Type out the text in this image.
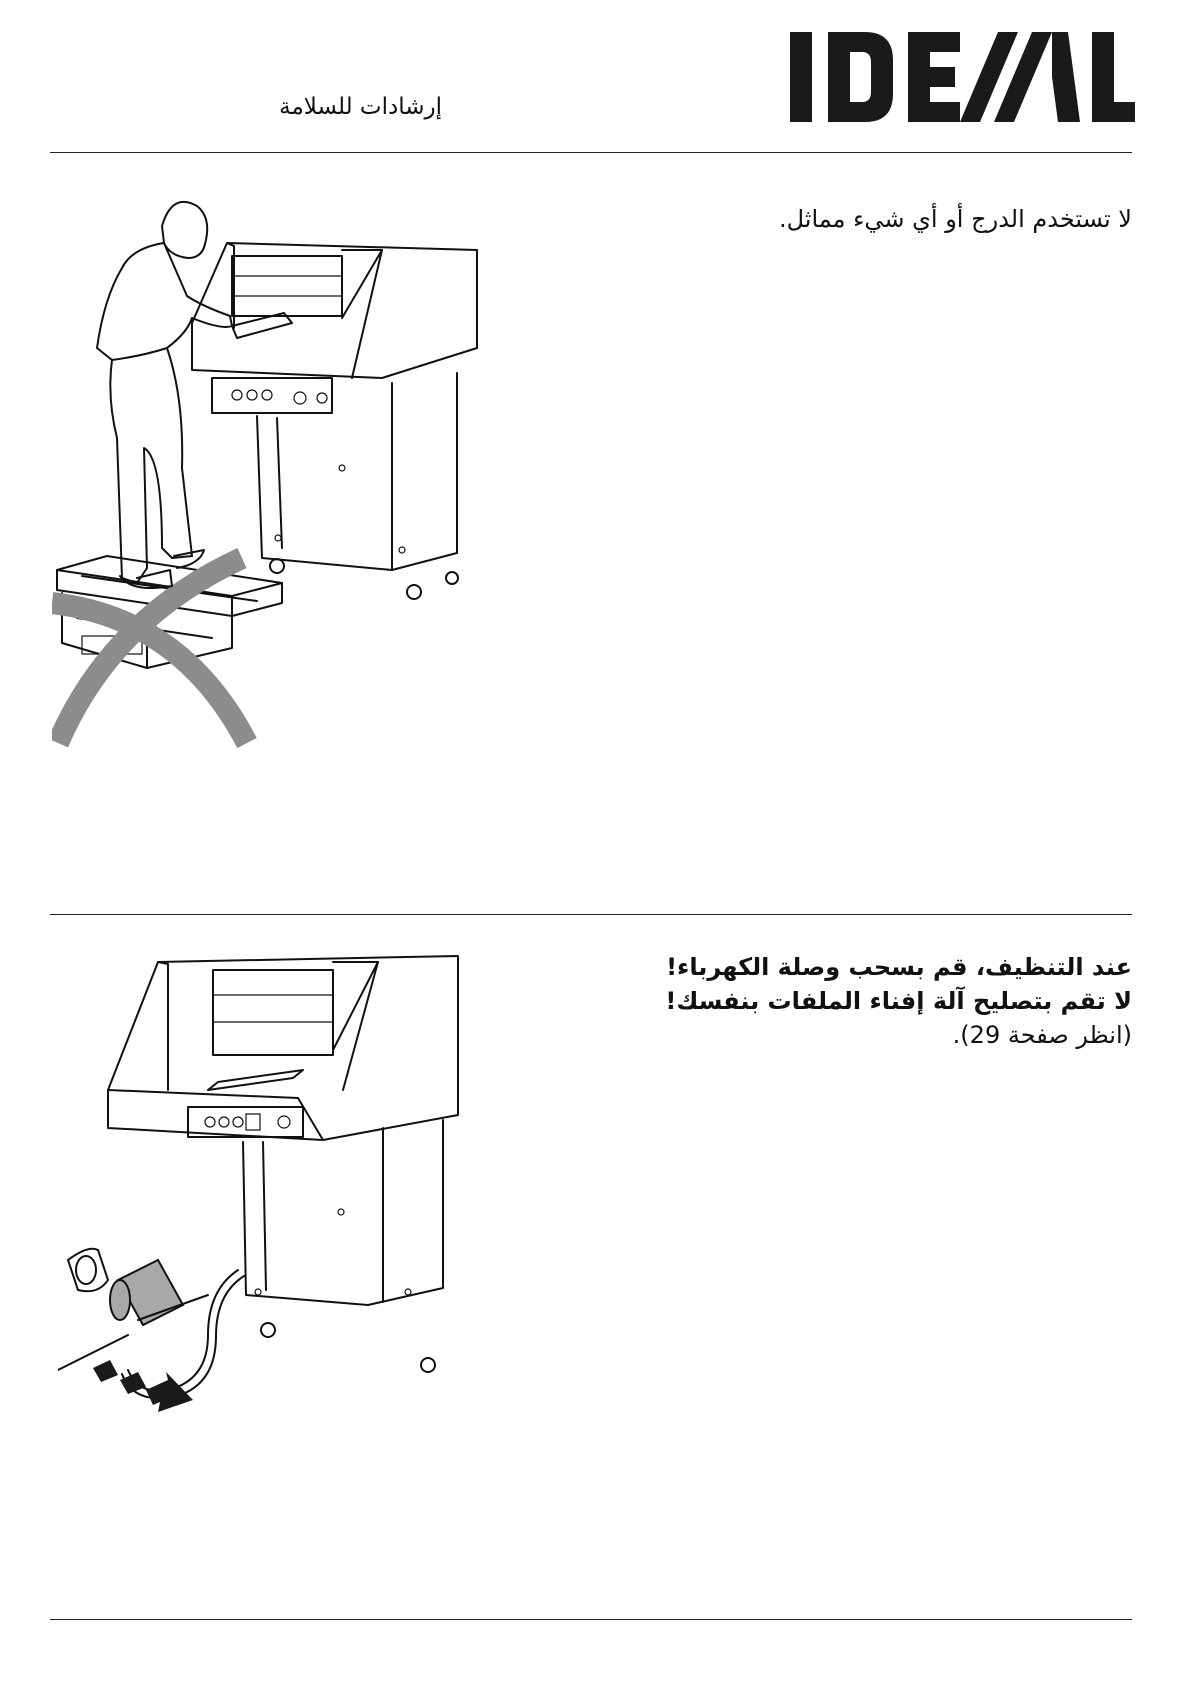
إرشادات للسلامة
لا تستخدم الدرج أو أي شيء مماثل.
عند التنظيف، قم بسحب وصلة الكهرباء!
لا تقم بتصليح آلة إفناء الملفات بنفسك!
(انظر صفحة 29).
